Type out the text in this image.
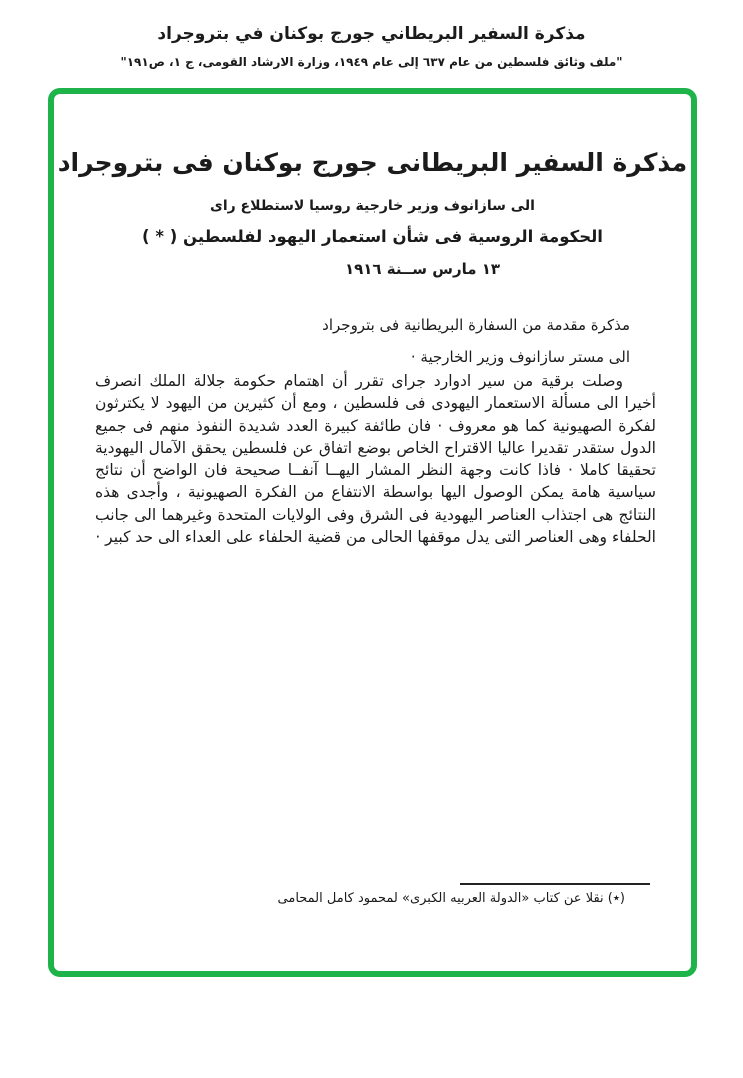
مذكرة السفير البريطاني جورج بوكنان في بتروجراد
"ملف وثائق فلسطين من عام ٦٣٧ إلى عام ١٩٤٩، وزارة الارشاد القومى، ج ١، ص١٩١"
مذكرة السفير البريطانى جورج بوكنان فى بتروجراد
الى سازانوف وزير خارجية روسيا لاستطلاع راى
الحكومة الروسية فى شأن استعمار اليهود لفلسطين ( * )
١٣ مارس ســنة ١٩١٦
مذكرة مقدمة من السفارة البريطانية فى بتروجراد
الى مستر سازانوف وزير الخارجية ·

وصلت برقية من سير ادوارد جراى تقرر أن اهتمام حكومة جلالة الملك انصرف أخيرا الى مسألة الاستعمار اليهودى فى فلسطين ، ومع أن كثيرين من اليهود لا يكترثون لفكرة الصهيونية كما هو معروف · فان طائفة كبيرة العدد شديدة النفوذ منهم فى جميع الدول ستقدر تقديرا عاليا الاقتراح الخاص بوضع اتفاق عن فلسطين يحقق الآمال اليهودية تحقيقا كاملا · فاذا كانت وجهة النظر المشار اليهــا آنفــا صحيحة فان الواضح أن نتائج سياسية هامة يمكن الوصول اليها بواسطة الانتفاع من الفكرة الصهيونية ، وأجدى هذه النتائج هى اجتذاب العناصر اليهودية فى الشرق وفى الولايات المتحدة وغيرهما الى جانب الحلفاء وهى العناصر التى يدل موقفها الحالى من قضية الحلفاء على العداء الى حد كبير ·

(٭) نقلا عن كتاب «الدولة العربيه الكبرى» لمحمود كامل المحامى
